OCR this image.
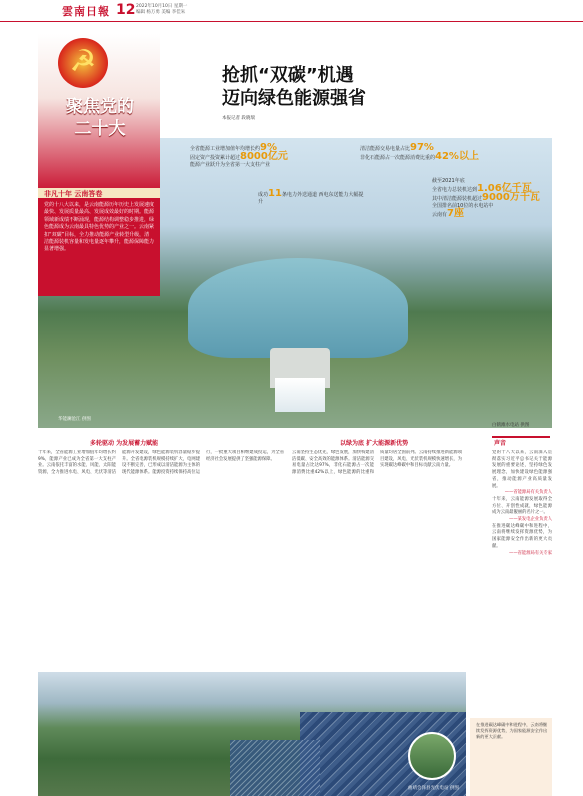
雲南日報 12 2022年10月10日 星期一
编辑 杨万勇 美编 李佳朱
☭
聚焦党的
二十大
非凡十年 云南答卷
党的十八大以来，是云南能源历年历史上发展速度最快、发展质量最高、发展成效最好的时期。能源领域新成绩不断涌现，能源结构调整稳步推进，绿色能源成为云南最具特色优势的产业之一。云南紧扣“双碳”目标，全力推动能源产业转型升级，清洁能源装机容量和发电量逐年攀升，能源保障能力显著增强。
抢抓“双碳”机遇
迈向绿色能源强省
本报记者 段晓瑞
全省能源工业增加值年均增长约9%
固定资产投资累计超过8000亿元
能源产业跃升为全省第一大支柱产业
清洁能源交易电量占比97%
非化石能源占一次能源消费比重的42%以上
成功11条电力外送通道 西电东送能力大幅提升
截至2021年底
全省电力总装机达到1.06亿千瓦
其中清洁能源装机超过9000万千瓦
全国排名前10位的水电站中
云南有7座
华能澜沧江 供图
白鹤滩水电站 供图
多轮驱动 为发展蓄力赋能
十年来，全省能源工业增加值年均增长约9%，能源产业已成为全省第一大支柱产业。云南依托丰富的水能、风能、太阳能资源，全力推进水电、风电、光伏等清洁能源开发建设，绿色能源装机容量稳步提升。全省电源装机规模持续扩大，电网建设不断完善，已形成以清洁能源为主体的现代能源体系。能源投资持续保持高位运行，一批重大项目相继建成投运，为全省经济社会发展提供了坚强能源保障。
以绿为底 扩大能源新优势
云南坚持生态优先、绿色发展，加快构建清洁低碳、安全高效的能源体系。清洁能源交易电量占比达97%，非化石能源占一次能源消费比重42%以上，绿色能源的比重和质量均居全国前列。云南持续推进新能源项目建设，风电、光伏装机规模快速增长，为实现碳达峰碳中和目标贡献云南力量。
声音

党的十八大以来，云南深入贯彻落实习近平总书记关于能源发展的重要论述，坚持绿色发展理念，加快建设绿色能源强省，推动能源产业高质量发展。

——省能源局有关负责人

十年来，云南能源发展取得全方位、开创性成就，绿色能源成为云南最靓丽的名片之一。

——某发电企业负责人

在推进碳达峰碳中和进程中，云南将继续发挥资源优势，为国家能源安全作出新的更大贡献。

——省能源局有关专家

曲靖会泽县光伏电站 供图
在推进碳达峰碳中和进程中，云南将继续发挥资源优势，为国家能源安全作出新的更大贡献。
